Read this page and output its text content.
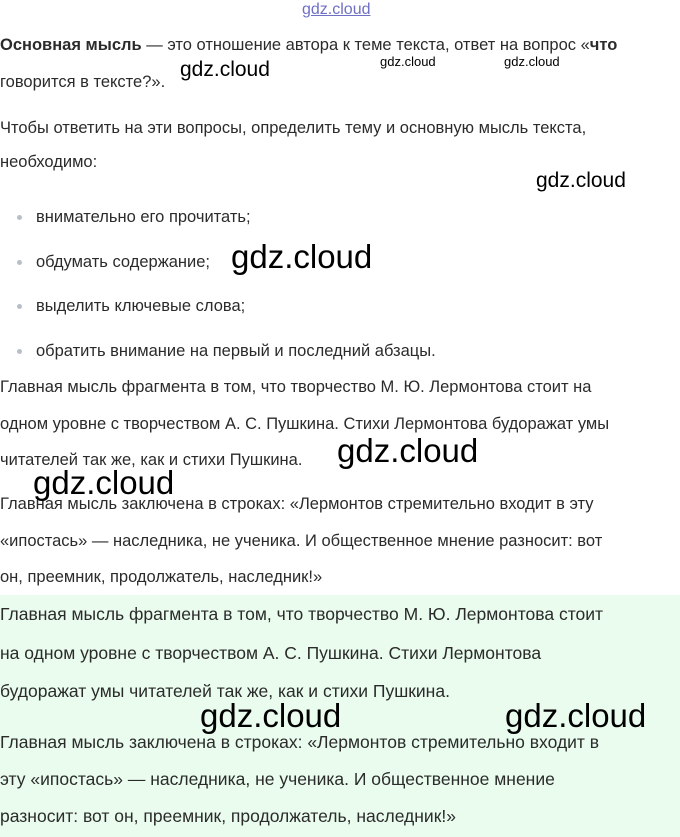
gdz.cloud

Основная мысль — это отношение автора к теме текста, ответ на вопрос «что

говорится в тексте?».

Чтобы ответить на эти вопросы, определить тему и основную мысль текста,

необходимо:

внимательно его прочитать;
обдумать содержание;
выделить ключевые слова;
обратить внимание на первый и последний абзацы.

Главная мысль фрагмента в том, что творчество М. Ю. Лермонтова стоит на

одном уровне с творчеством А. С. Пушкина. Стихи Лермонтова будоражат умы

читателей так же, как и стихи Пушкина.

Главная мысль заключена в строках: «Лермонтов стремительно входит в эту

«ипостась» — наследника, не ученика. И общественное мнение разносит: вот

он, преемник, продолжатель, наследник!»

Главная мысль фрагмента в том, что творчество М. Ю. Лермонтова стоит

на одном уровне с творчеством А. С. Пушкина. Стихи Лермонтова

будоражат умы читателей так же, как и стихи Пушкина.

Главная мысль заключена в строках: «Лермонтов стремительно входит в

эту «ипостась» — наследника, не ученика. И общественное мнение

разносит: вот он, преемник, продолжатель, наследник!»

gdz.cloud	gdz.cloud	gdz.cloud
gdz.cloud
gdz.cloud
gdz.cloud
gdz.cloud
gdz.cloud	gdz.cloud
